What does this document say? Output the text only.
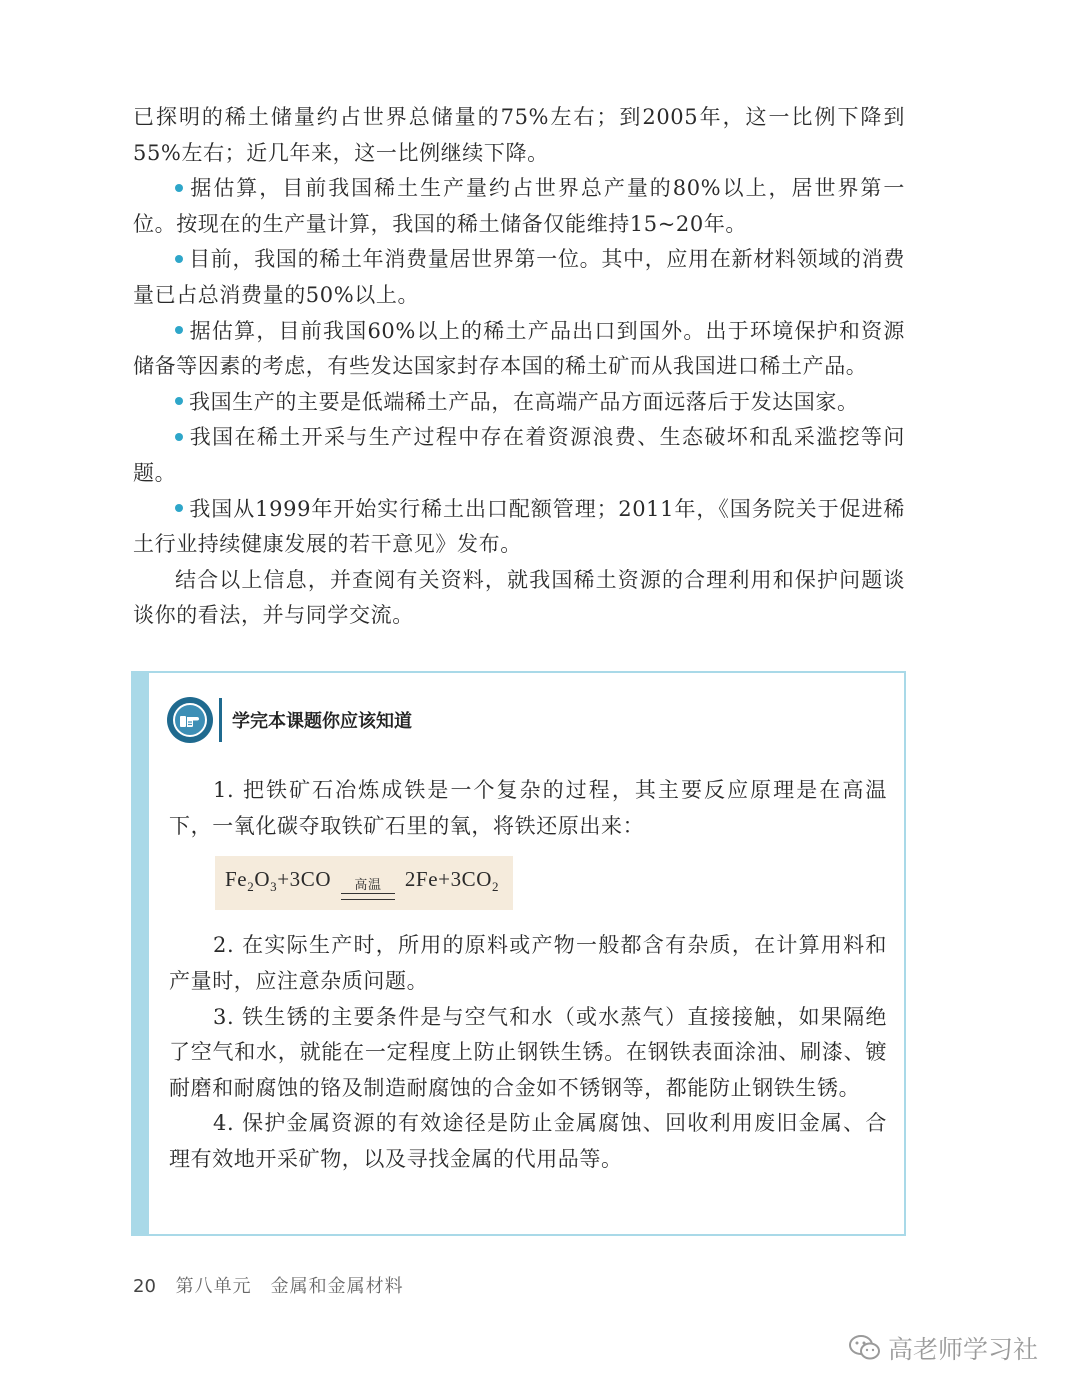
已探明的稀土储量约占世界总储量的75%左右；到2005年，这一比例下降到55%左右；近几年来，这一比例继续下降。

据估算，目前我国稀土生产量约占世界总产量的80%以上，居世界第一位。按现在的生产量计算，我国的稀土储备仅能维持15~20年。

目前，我国的稀土年消费量居世界第一位。其中，应用在新材料领域的消费量已占总消费量的50%以上。

据估算，目前我国60%以上的稀土产品出口到国外。出于环境保护和资源储备等因素的考虑，有些发达国家封存本国的稀土矿而从我国进口稀土产品。

我国生产的主要是低端稀土产品，在高端产品方面远落后于发达国家。

我国在稀土开采与生产过程中存在着资源浪费、生态破坏和乱采滥挖等问题。

我国从1999年开始实行稀土出口配额管理；2011年，《国务院关于促进稀土行业持续健康发展的若干意见》发布。

结合以上信息，并查阅有关资料，就我国稀土资源的合理利用和保护问题谈谈你的看法，并与同学交流。

学完本课题你应该知道

1. 把铁矿石冶炼成铁是一个复杂的过程，其主要反应原理是在高温下，一氧化碳夺取铁矿石里的氧，将铁还原出来：

$Fe_2O_3+3CO$	高温	$2Fe+3CO_2$

2. 在实际生产时，所用的原料或产物一般都含有杂质，在计算用料和产量时，应注意杂质问题。

3. 铁生锈的主要条件是与空气和水（或水蒸气）直接接触，如果隔绝了空气和水，就能在一定程度上防止钢铁生锈。在钢铁表面涂油、刷漆、镀耐磨和耐腐蚀的铬及制造耐腐蚀的合金如不锈钢等，都能防止钢铁生锈。

4. 保护金属资源的有效途径是防止金属腐蚀、回收利用废旧金属、合理有效地开采矿物，以及寻找金属的代用品等。

20 第八单元　金属和金属材料
高老师学习社
